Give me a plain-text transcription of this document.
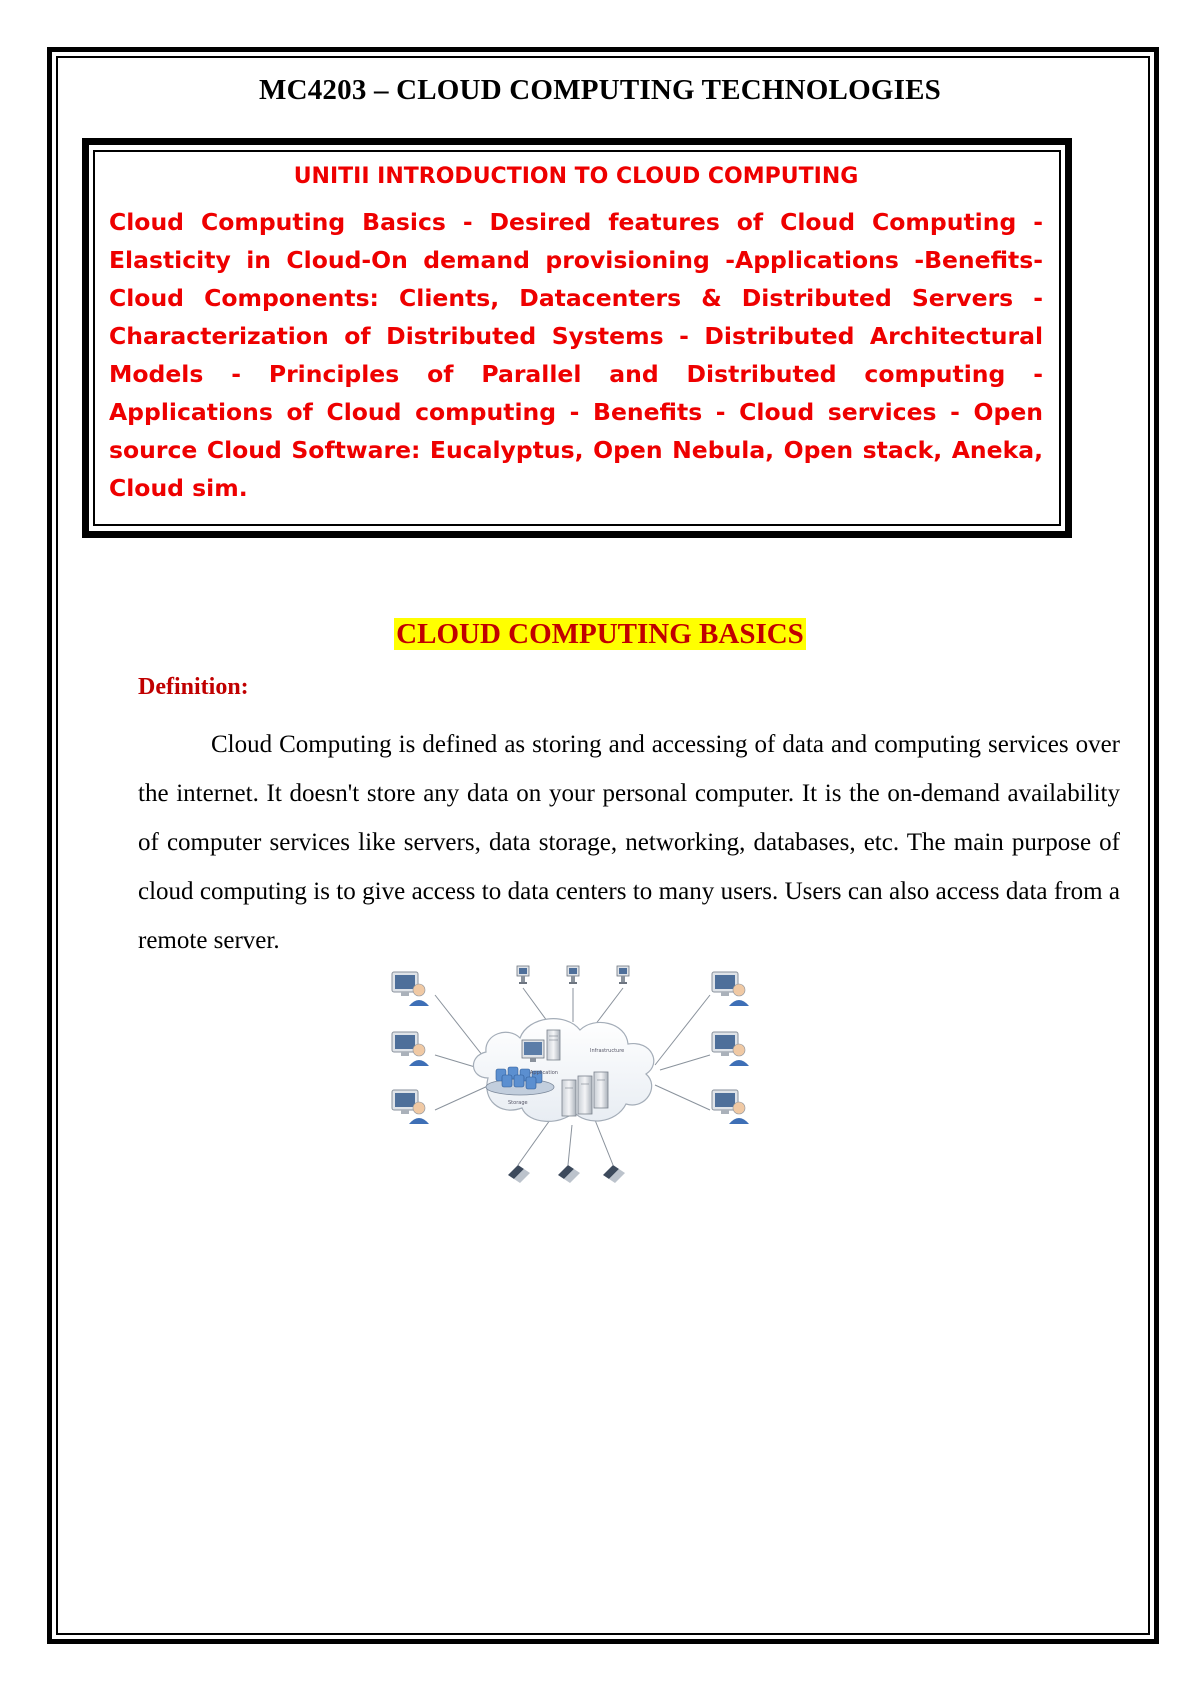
MC4203 – CLOUD COMPUTING TECHNOLOGIES
UNITII INTRODUCTION TO CLOUD COMPUTING

Cloud Computing Basics - Desired features of Cloud Computing - Elasticity in Cloud-On demand provisioning -Applications -Benefits-Cloud Components: Clients, Datacenters & Distributed Servers - Characterization of Distributed Systems - Distributed Architectural Models - Principles of Parallel and Distributed computing - Applications of Cloud computing - Benefits - Cloud services - Open source Cloud Software: Eucalyptus, Open Nebula, Open stack, Aneka, Cloud sim.

CLOUD COMPUTING BASICS
Definition:

Cloud Computing is defined as storing and accessing of data and computing services over the internet. It doesn't store any data on your personal computer. It is the on-demand availability of computer services like servers, data storage, networking, databases, etc. The main purpose of cloud computing is to give access to data centers to many users. Users can also access data from a remote server.

Application
Infrastructure
Storage
